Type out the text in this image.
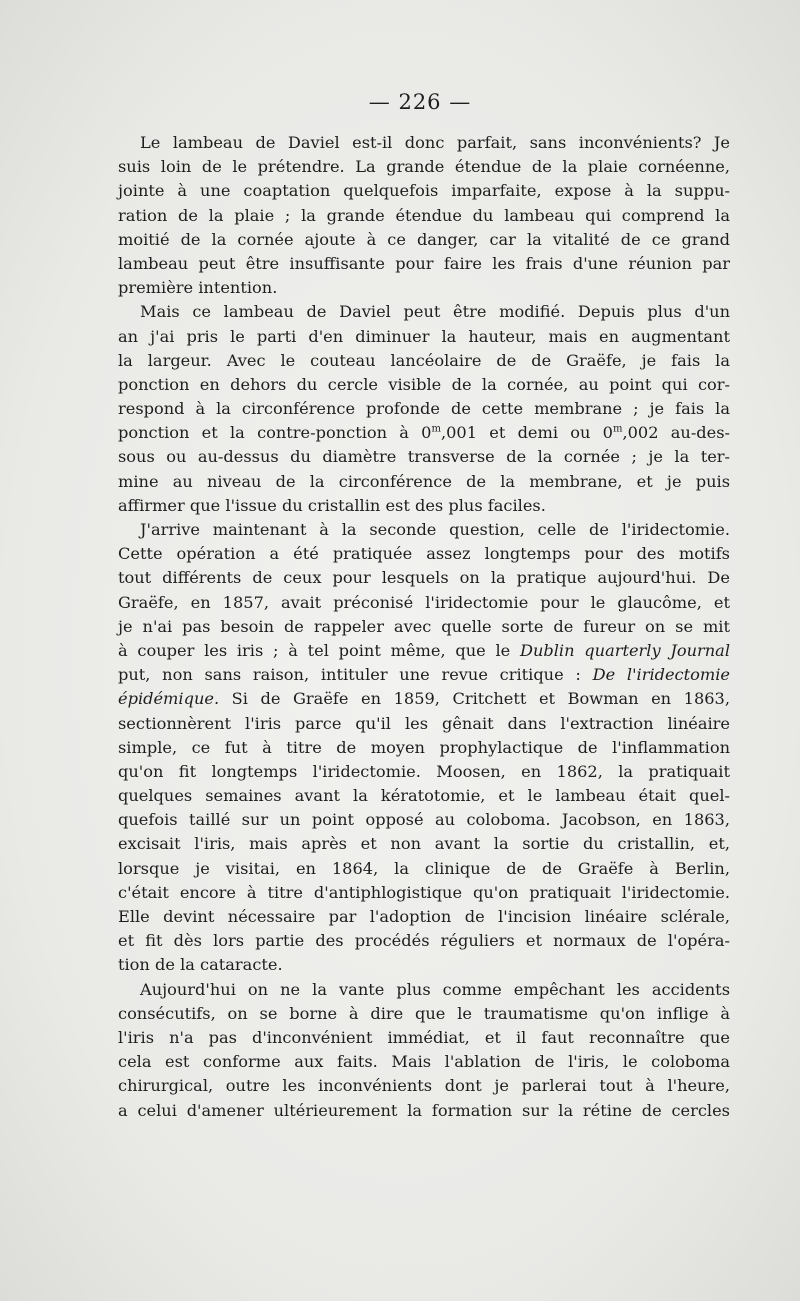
— 226 —

Le lambeau de Daviel est-il donc parfait, sans inconvénients? Je
suis loin de le prétendre. La grande étendue de la plaie cornéenne,
jointe à une coaptation quelquefois imparfaite, expose à la suppu-
ration de la plaie ; la grande étendue du lambeau qui comprend la
moitié de la cornée ajoute à ce danger, car la vitalité de ce grand
lambeau peut être insuffisante pour faire les frais d'une réunion par
première intention.

Mais ce lambeau de Daviel peut être modifié. Depuis plus d'un
an j'ai pris le parti d'en diminuer la hauteur, mais en augmentant
la largeur. Avec le couteau lancéolaire de de Graëfe, je fais la
ponction en dehors du cercle visible de la cornée, au point qui cor-
respond à la circonférence profonde de cette membrane ; je fais la
ponction et la contre-ponction à 0$^m$,001 et demi ou 0$^m$,002 au-des-
sous ou au-dessus du diamètre transverse de la cornée ; je la ter-
mine au niveau de la circonférence de la membrane, et je puis
affirmer que l'issue du cristallin est des plus faciles.

J'arrive maintenant à la seconde question, celle de l'iridectomie.
Cette opération a été pratiquée assez longtemps pour des motifs
tout différents de ceux pour lesquels on la pratique aujourd'hui. De
Graëfe, en 1857, avait préconisé l'iridectomie pour le glaucôme, et
je n'ai pas besoin de rappeler avec quelle sorte de fureur on se mit
à couper les iris ; à tel point même, que le Dublin quarterly Journal
put, non sans raison, intituler une revue critique : De l'iridectomie
épidémique. Si de Graëfe en 1859, Critchett et Bowman en 1863,
sectionnèrent l'iris parce qu'il les gênait dans l'extraction linéaire
simple, ce fut à titre de moyen prophylactique de l'inflammation
qu'on fit longtemps l'iridectomie. Moosen, en 1862, la pratiquait
quelques semaines avant la kératotomie, et le lambeau était quel-
quefois taillé sur un point opposé au coloboma. Jacobson, en 1863,
excisait l'iris, mais après et non avant la sortie du cristallin, et,
lorsque je visitai, en 1864, la clinique de de Graëfe à Berlin,
c'était encore à titre d'antiphlogistique qu'on pratiquait l'iridectomie.
Elle devint nécessaire par l'adoption de l'incision linéaire sclérale,
et fit dès lors partie des procédés réguliers et normaux de l'opéra-
tion de la cataracte.

Aujourd'hui on ne la vante plus comme empêchant les accidents
consécutifs, on se borne à dire que le traumatisme qu'on inflige à
l'iris n'a pas d'inconvénient immédiat, et il faut reconnaître que
cela est conforme aux faits. Mais l'ablation de l'iris, le coloboma
chirurgical, outre les inconvénients dont je parlerai tout à l'heure,
a celui d'amener ultérieurement la formation sur la rétine de cercles
